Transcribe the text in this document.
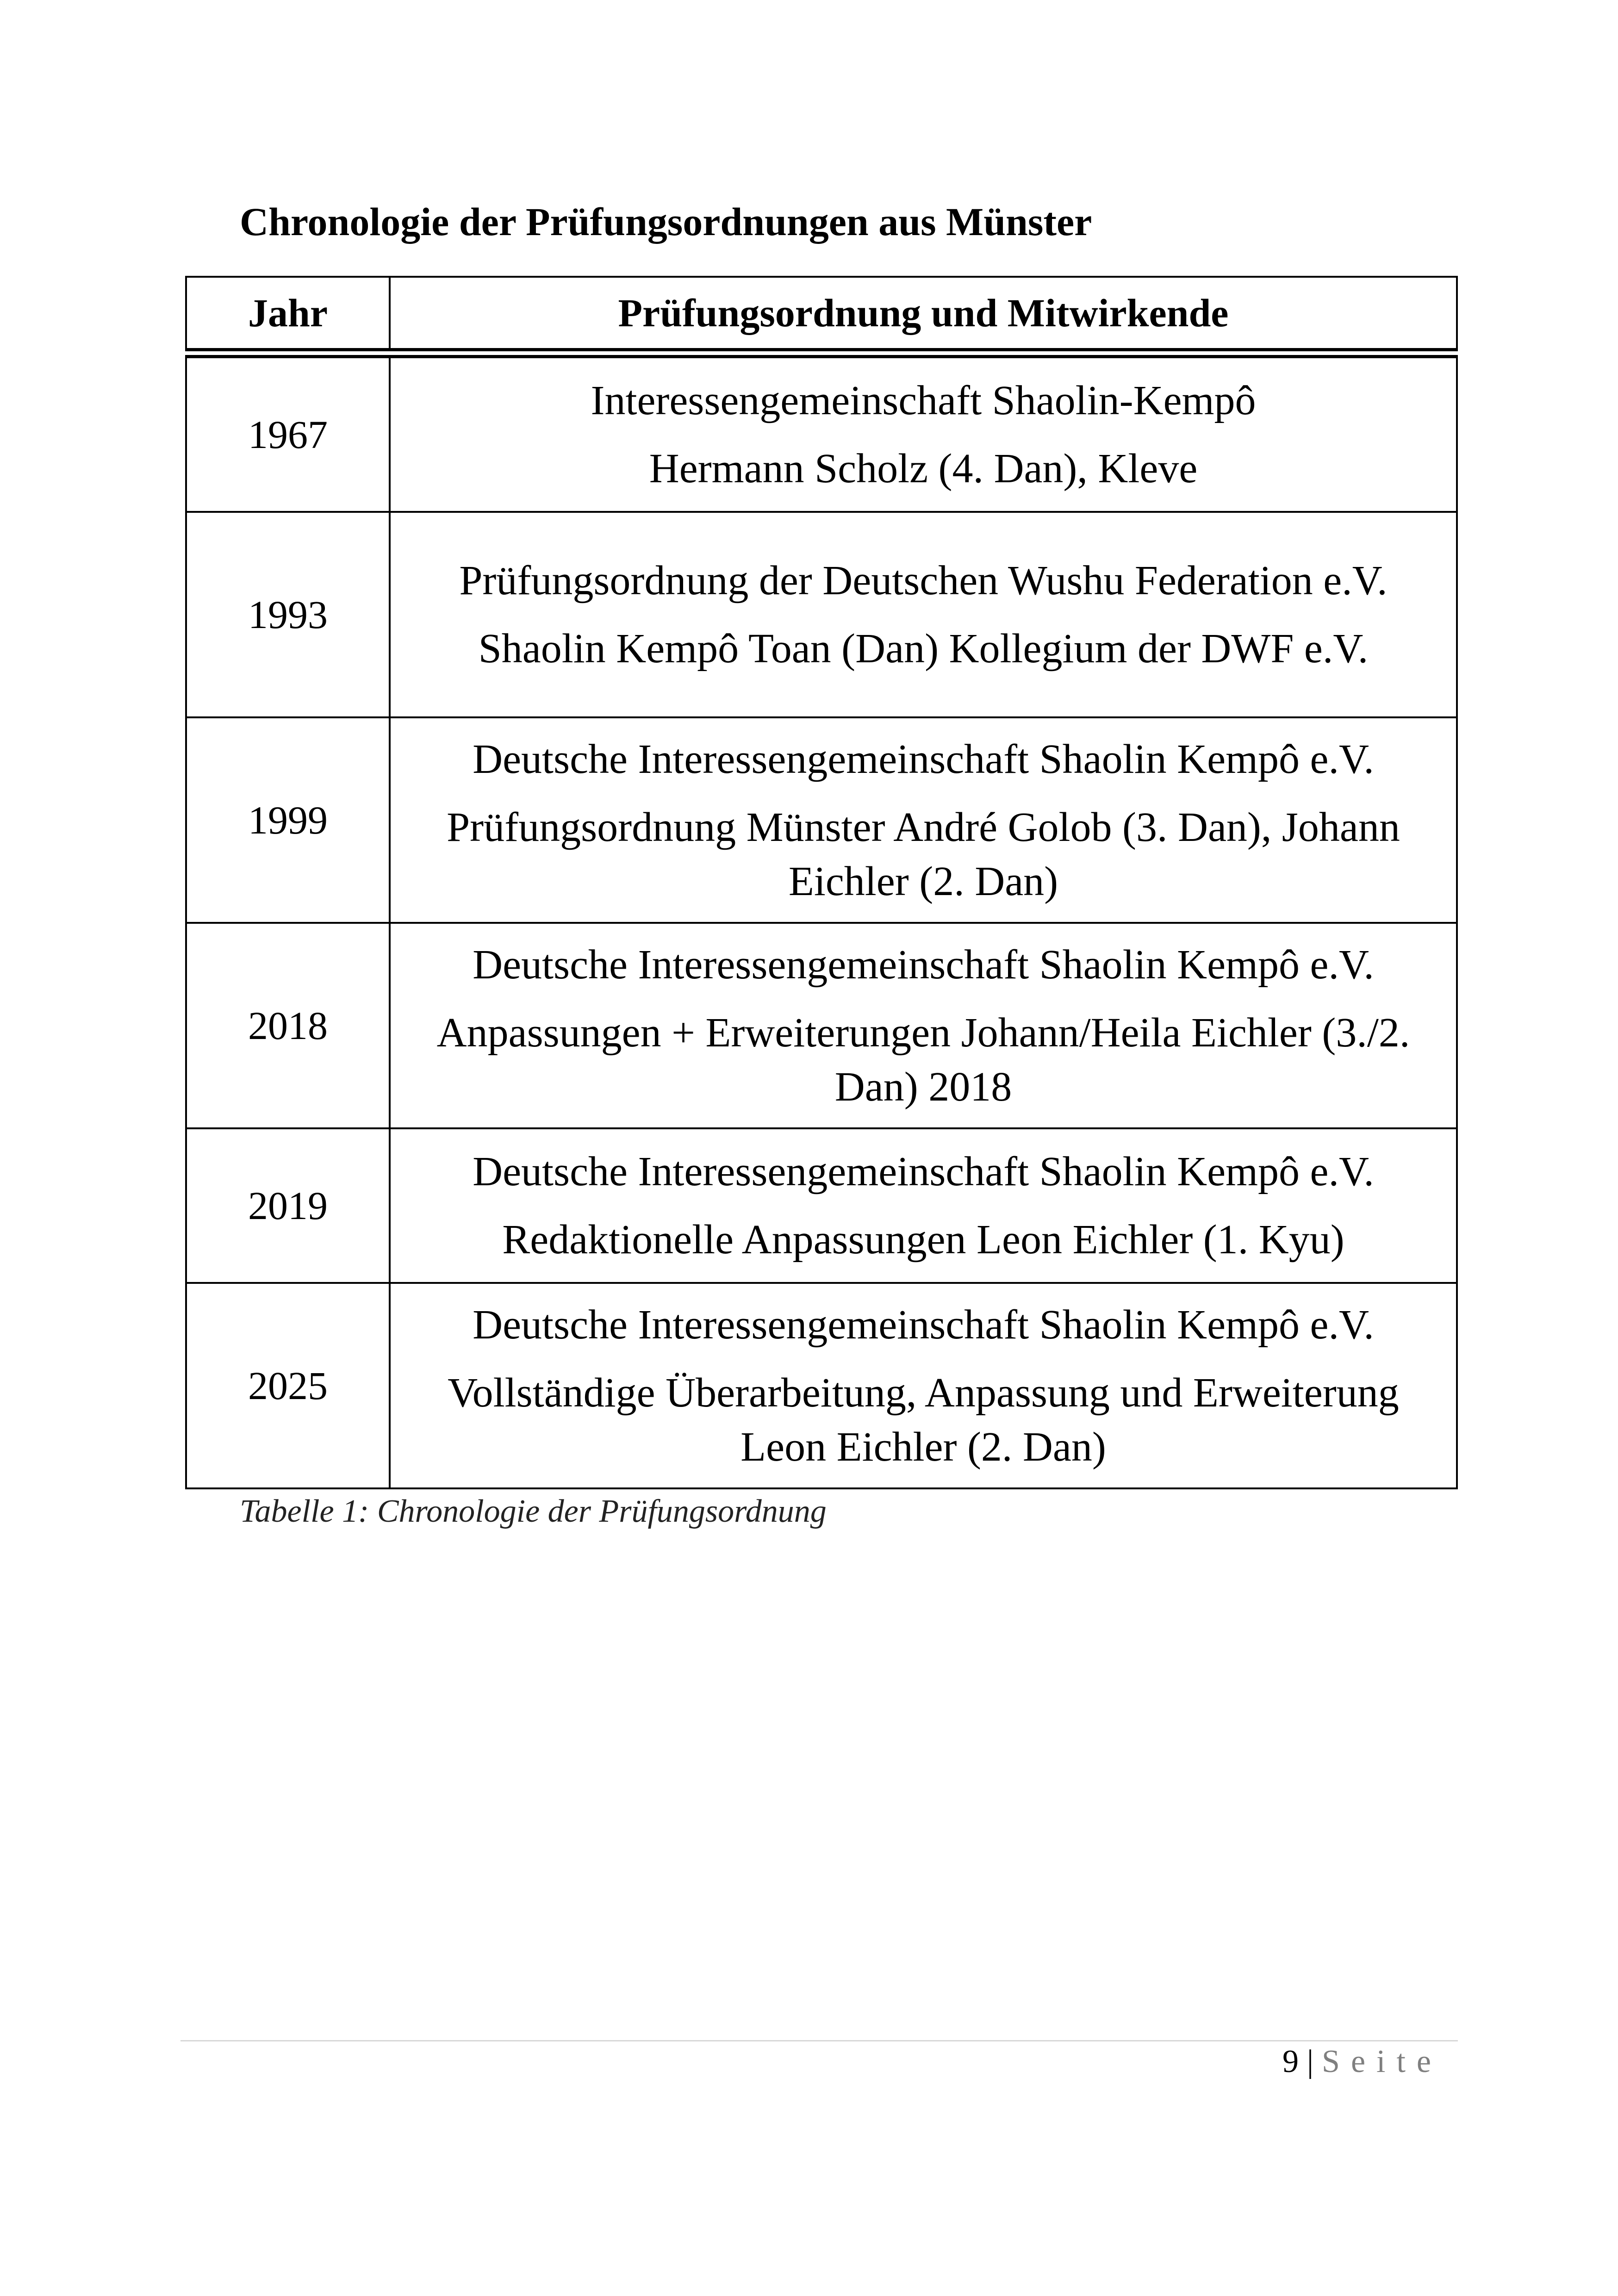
Chronologie der Prüfungsordnungen aus Münster
Jahr	Prüfungsordnung und Mitwirkende
1967	Interessengemeinschaft Shaolin-Kempô

Hermann Scholz (4. Dan), Kleve

1993	Prüfungsordnung der Deutschen Wushu Federation e.V.

Shaolin Kempô Toan (Dan) Kollegium der DWF e.V.

1999	Deutsche Interessengemeinschaft Shaolin Kempô e.V.

Prüfungsordnung Münster André Golob (3. Dan), Johann Eichler (2. Dan)

2018	Deutsche Interessengemeinschaft Shaolin Kempô e.V.

Anpassungen + Erweiterungen Johann/Heila Eichler (3./2. Dan) 2018

2019	Deutsche Interessengemeinschaft Shaolin Kempô e.V.

Redaktionelle Anpassungen Leon Eichler (1. Kyu)

2025	Deutsche Interessengemeinschaft Shaolin Kempô e.V.

Vollständige Überarbeitung, Anpassung und Erweiterung Leon Eichler (2. Dan)

Tabelle 1: Chronologie der Prüfungsordnung
9 | Seite
